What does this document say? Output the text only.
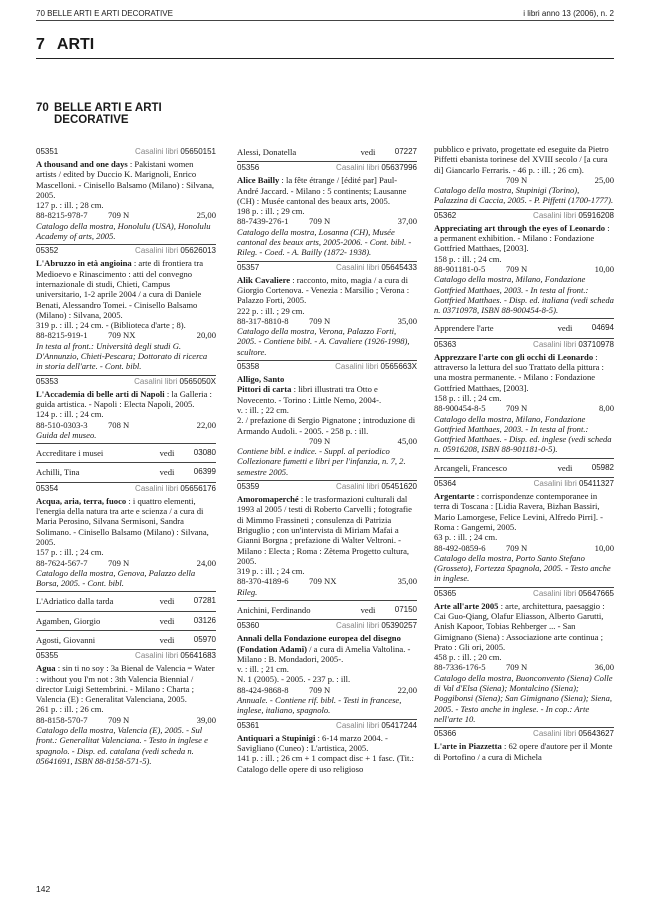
70 BELLE ARTI E ARTI DECORATIVE	i libri anno 13 (2006), n. 2
7 ARTI
70 BELLE ARTI E ARTI
DECORATIVE
05351	Casalini libri 05650151
A thousand and one days : Pakistani women artists / edited by Duccio K. Marignoli, Enrico Mascelloni. - Cinisello Balsamo (Milano) : Silvana, 2005.
127 p. : ill. ; 28 cm.
88-8215-978-7	709 N	25,00
Catalogo della mostra, Honolulu (USA), Honolulu Academy of arts, 2005.
05352	Casalini libri 05626013
L'Abruzzo in età angioina : arte di frontiera tra Medioevo e Rinascimento : atti del convegno internazionale di studi, Chieti, Campus universitario, 1-2 aprile 2004 / a cura di Daniele Benati, Alessandro Tomei. - Cinisello Balsamo (Milano) : Silvana, 2005.
319 p. : ill. ; 24 cm. - (Biblioteca d'arte ; 8).
88-8215-919-1	709 NX	20,00
In testa al front.: Università degli studi G. D'Annunzio, Chieti-Pescara; Dottorato di ricerca in storia dell'arte. - Cont. bibl.
05353	Casalini libri 0565050X
L'Accademia di belle arti di Napoli : la Galleria : guida artistica. - Napoli : Electa Napoli, 2005.
124 p. : ill. ; 24 cm.
88-510-0303-3	708 N	22,00
Guida del museo.
Accreditare i musei	vedi	03080
Achilli, Tina	vedi	06399
05354	Casalini libri 05656176
Acqua, aria, terra, fuoco : i quattro elementi, l'energia della natura tra arte e scienza / a cura di Maria Perosino, Silvana Sermisoni, Sandra Solimano. - Cinisello Balsamo (Milano) : Silvana, 2005.
157 p. : ill. ; 24 cm.
88-7624-567-7	709 N	24,00
Catalogo della mostra, Genova, Palazzo della Borsa, 2005. - Cont. bibl.
L'Adriatico dalla tarda	vedi	07281
Agamben, Giorgio	vedi	03126
Agosti, Giovanni	vedi	05970
05355	Casalini libri 05641683
Agua : sin ti no soy : 3a Bienal de Valencia = Water : without you I'm not : 3th Valencia Biennial / director Luigi Settembrini. - Milano : Charta ; Valencia (E) : Generalitat Valenciana, 2005.
261 p. : ill. ; 26 cm.
88-8158-570-7	709 N	39,00
Catalogo della mostra, Valencia (E), 2005. - Sul front.: Generalitat Valenciana. - Testo in inglese e spagnolo. - Disp. ed. catalana (vedi scheda n. 05641691, ISBN 88-8158-571-5).
Alessi, Donatella	vedi	07227
05356	Casalini libri 05637996
Alice Bailly : la fête étrange / [édité par] Paul-André Jaccard. - Milano : 5 continents; Lausanne (CH) : Musée cantonal des beaux arts, 2005.
198 p. : ill. ; 29 cm.
88-7439-276-1	709 N	37,00
Catalogo della mostra, Losanna (CH), Musée cantonal des beaux arts, 2005-2006. - Cont. bibl. - Rileg. - Coed. - A. Bailly (1872- 1938).
05357	Casalini libri 05645433
Alik Cavaliere : racconto, mito, magia / a cura di Giorgio Cortenova. - Venezia : Marsilio ; Verona : Palazzo Forti, 2005.
222 p. : ill. ; 29 cm.
88-317-8810-8	709 N	35,00
Catalogo della mostra, Verona, Palazzo Forti, 2005. - Contiene bibl. - A. Cavaliere (1926-1998), scultore.
05358	Casalini libri 0565663X
Alligo, Santo
Pittori di carta : libri illustrati tra Otto e Novecento. - Torino : Little Nemo, 2004-.
v. : ill. ; 22 cm.
2. / prefazione di Sergio Pignatone ; introduzione di Armando Audoli. - 2005. - 258 p. : ill.
709 N	45,00
Contiene bibl. e indice. - Suppl. al periodico Collezionare fumetti e libri per l'infanzia, n. 7, 2. semestre 2005.
05359	Casalini libri 05451620
Amoromaperché : le trasformazioni culturali dal 1993 al 2005 / testi di Roberto Carvelli ; fotografie di Mimmo Frassineti ; consulenza di Patrizia Briguglio ; con un'intervista di Miriam Mafai a Gianni Borgna ; prefazione di Walter Veltroni. - Milano : Electa ; Roma : Zètema Progetto cultura, 2005.
319 p. : ill. ; 24 cm.
88-370-4189-6	709 NX	35,00
Rileg.
Anichini, Ferdinando	vedi	07150
05360	Casalini libri 05390257
Annali della Fondazione europea del disegno (Fondation Adami) / a cura di Amelia Valtolina. - Milano : B. Mondadori, 2005-.
v. : ill. ; 21 cm.
N. 1 (2005). - 2005. - 237 p. : ill.
88-424-9868-8	709 N	22,00
Annuale. - Contiene rif. bibl. - Testi in francese, inglese, italiano, spagnolo.
05361	Casalini libri 05417244
Antiquari a Stupinigi : 6-14 marzo 2004. - Savigliano (Cuneo) : L'artistica, 2005.
141 p. : ill. ; 26 cm + 1 compact disc + 1 fasc. (Tit.: Catalogo delle opere di uso religioso
pubblico e privato, progettate ed eseguite da Pietro Piffetti ebanista torinese del XVIII secolo / [a cura di] Giancarlo Ferraris. - 46 p. : ill. ; 26 cm).
709 N	25,00
Catalogo della mostra, Stupinigi (Torino), Palazzina di Caccia, 2005. - P. Piffetti (1700-1777).
05362	Casalini libri 05916208
Appreciating art through the eyes of Leonardo : a permanent exhibition. - Milano : Fondazione Gottfried Matthaes, [2003].
158 p. : ill. ; 24 cm.
88-901181-0-5	709 N	10,00
Catalogo della mostra, Milano, Fondazione Gottfried Matthaes, 2003. - In testa al front.: Gottfried Matthaes. - Disp. ed. italiana (vedi scheda n. 03710978, ISBN 88-900454-8-5).
Apprendere l'arte	vedi	04694
05363	Casalini libri 03710978
Apprezzare l'arte con gli occhi di Leonardo : attraverso la lettura del suo Trattato della pittura : una mostra permanente. - Milano : Fondazione Gottfried Matthaes, [2003].
158 p. : ill. ; 24 cm.
88-900454-8-5	709 N	8,00
Catalogo della mostra, Milano, Fondazione Gottfried Matthaes, 2003. - In testa al front.: Gottfried Matthaes. - Disp. ed. inglese (vedi scheda n. 05916208, ISBN 88-901181-0-5).
Arcangeli, Francesco	vedi	05982
05364	Casalini libri 05411327
Argentarte : corrispondenze contemporanee in terra di Toscana : [Lidia Ravera, Bizhan Bassiri, Mario Lamorgese, Felice Levini, Alfredo Pirri]. - Roma : Gangemi, 2005.
63 p. : ill. ; 24 cm.
88-492-0859-6	709 N	10,00
Catalogo della mostra, Porto Santo Stefano (Grosseto), Fortezza Spagnola, 2005. - Testo anche in inglese.
05365	Casalini libri 05647665
Arte all'arte 2005 : arte, architettura, paesaggio : Cai Guo-Qiang, Olafur Eliasson, Alberto Garutti, Anish Kapoor, Tobias Rehberger ... - San Gimignano (Siena) : Associazione arte continua ; Prato : Gli ori, 2005.
458 p. : ill. ; 20 cm.
88-7336-176-5	709 N	36,00
Catalogo della mostra, Buonconvento (Siena) Colle di Val d'Elsa (Siena); Montalcino (Siena); Poggibonsi (Siena); San Gimignano (Siena); Siena, 2005. - Testo anche in inglese. - In cop.: Arte nell'arte 10.
05366	Casalini libri 05643627
L'arte in Piazzetta : 62 opere d'autore per il Monte di Portofino / a cura di Michela
142
